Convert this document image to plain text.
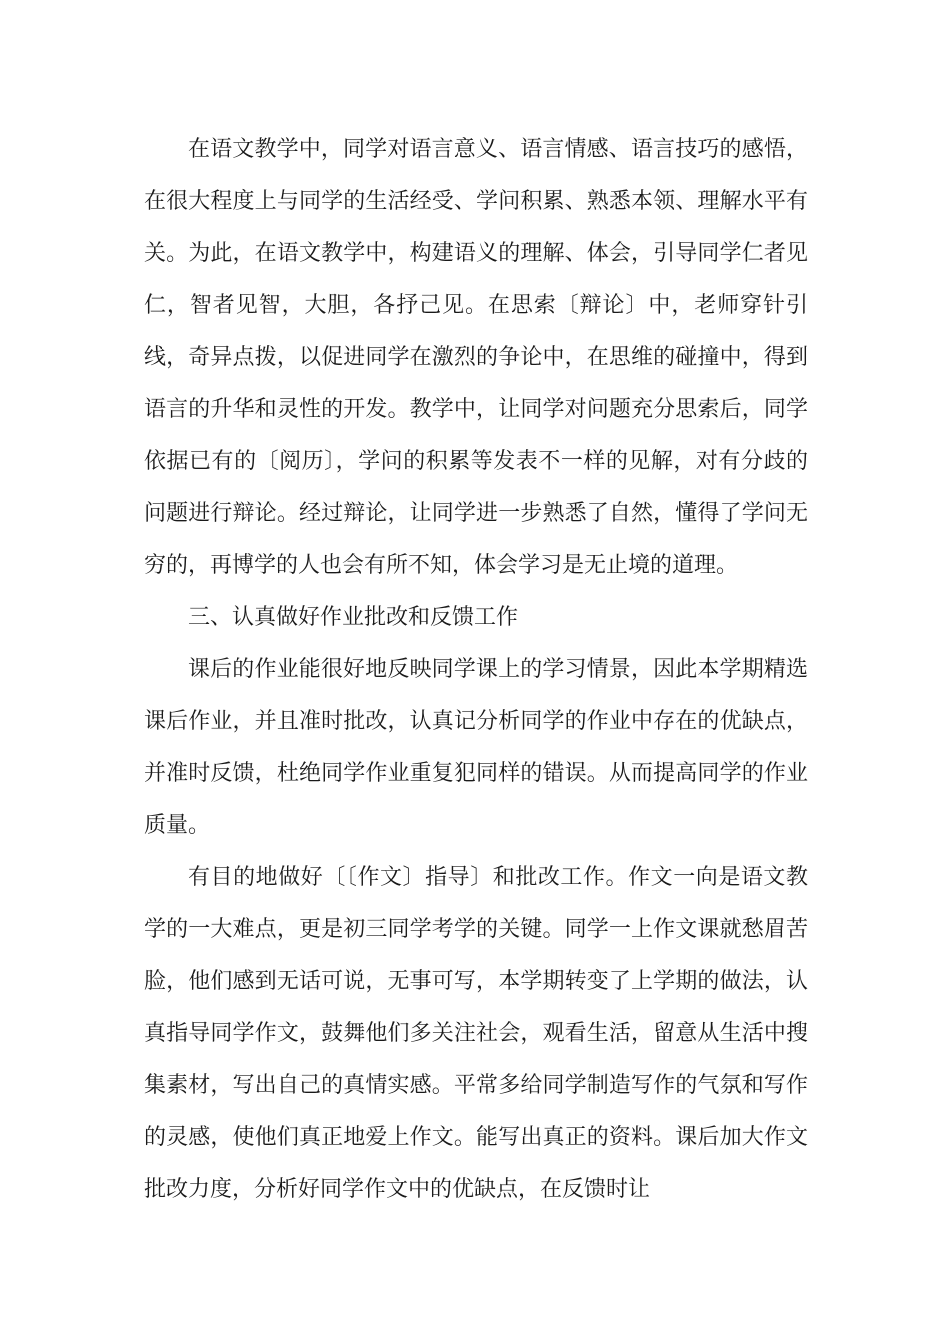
在语文教学中，同学对语言意义、语言情感、语言技巧的感悟，在很大程度上与同学的生活经受、学问积累、熟悉本领、理解水平有关。为此，在语文教学中，构建语义的理解、体会，引导同学仁者见仁，智者见智，大胆，各抒己见。在思索〔辩论〕中，老师穿针引线，奇异点拨，以促进同学在激烈的争论中，在思维的碰撞中，得到语言的升华和灵性的开发。教学中，让同学对问题充分思索后，同学依据已有的〔阅历〕，学问的积累等发表不一样的见解，对有分歧的问题进行辩论。经过辩论，让同学进一步熟悉了自然，懂得了学问无穷的，再博学的人也会有所不知，体会学习是无止境的道理。

三、认真做好作业批改和反馈工作

课后的作业能很好地反映同学课上的学习情景，因此本学期精选课后作业，并且准时批改，认真记分析同学的作业中存在的优缺点，并准时反馈，杜绝同学作业重复犯同样的错误。从而提高同学的作业质量。

有目的地做好〔〔作文〕指导〕和批改工作。作文一向是语文教学的一大难点，更是初三同学考学的关键。同学一上作文课就愁眉苦脸，他们感到无话可说，无事可写，本学期转变了上学期的做法，认真指导同学作文，鼓舞他们多关注社会，观看生活，留意从生活中搜集素材，写出自己的真情实感。平常多给同学制造写作的气氛和写作的灵感，使他们真正地爱上作文。能写出真正的资料。课后加大作文批改力度，分析好同学作文中的优缺点，在反馈时让
